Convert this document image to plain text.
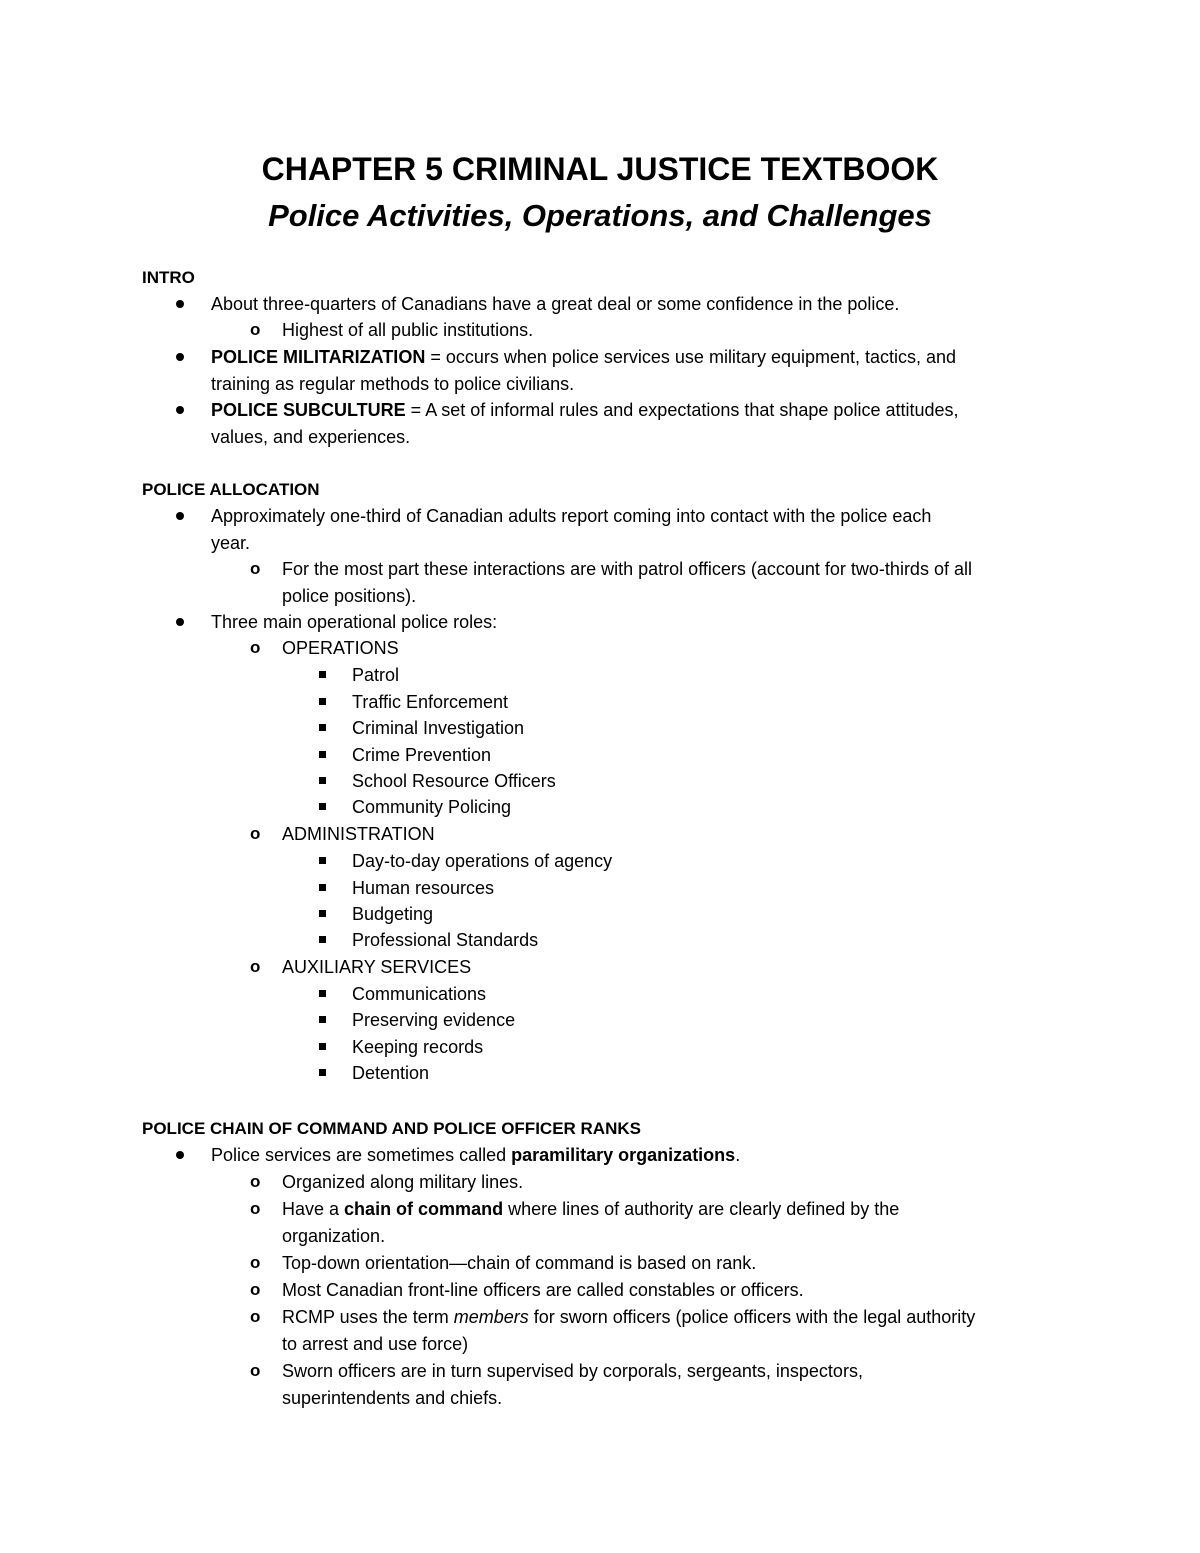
CHAPTER 5 CRIMINAL JUSTICE TEXTBOOK
Police Activities, Operations, and Challenges
INTRO
About three-quarters of Canadians have a great deal or some confidence in the police.
o Highest of all public institutions.
POLICE MILITARIZATION = occurs when police services use military equipment, tactics, and
training as regular methods to police civilians.
POLICE SUBCULTURE = A set of informal rules and expectations that shape police attitudes,
values, and experiences.
POLICE ALLOCATION
Approximately one-third of Canadian adults report coming into contact with the police each
year.
o For the most part these interactions are with patrol officers (account for two-thirds of all
police positions).
Three main operational police roles:
o OPERATIONS
Patrol
Traffic Enforcement
Criminal Investigation
Crime Prevention
School Resource Officers
Community Policing
o ADMINISTRATION
Day-to-day operations of agency
Human resources
Budgeting
Professional Standards
o AUXILIARY SERVICES
Communications
Preserving evidence
Keeping records
Detention
POLICE CHAIN OF COMMAND AND POLICE OFFICER RANKS
Police services are sometimes called paramilitary organizations.
o Organized along military lines.
o Have a chain of command where lines of authority are clearly defined by the
organization.
o Top-down orientation—chain of command is based on rank.
o Most Canadian front-line officers are called constables or officers.
o RCMP uses the term members for sworn officers (police officers with the legal authority
to arrest and use force)
o Sworn officers are in turn supervised by corporals, sergeants, inspectors,
superintendents and chiefs.
